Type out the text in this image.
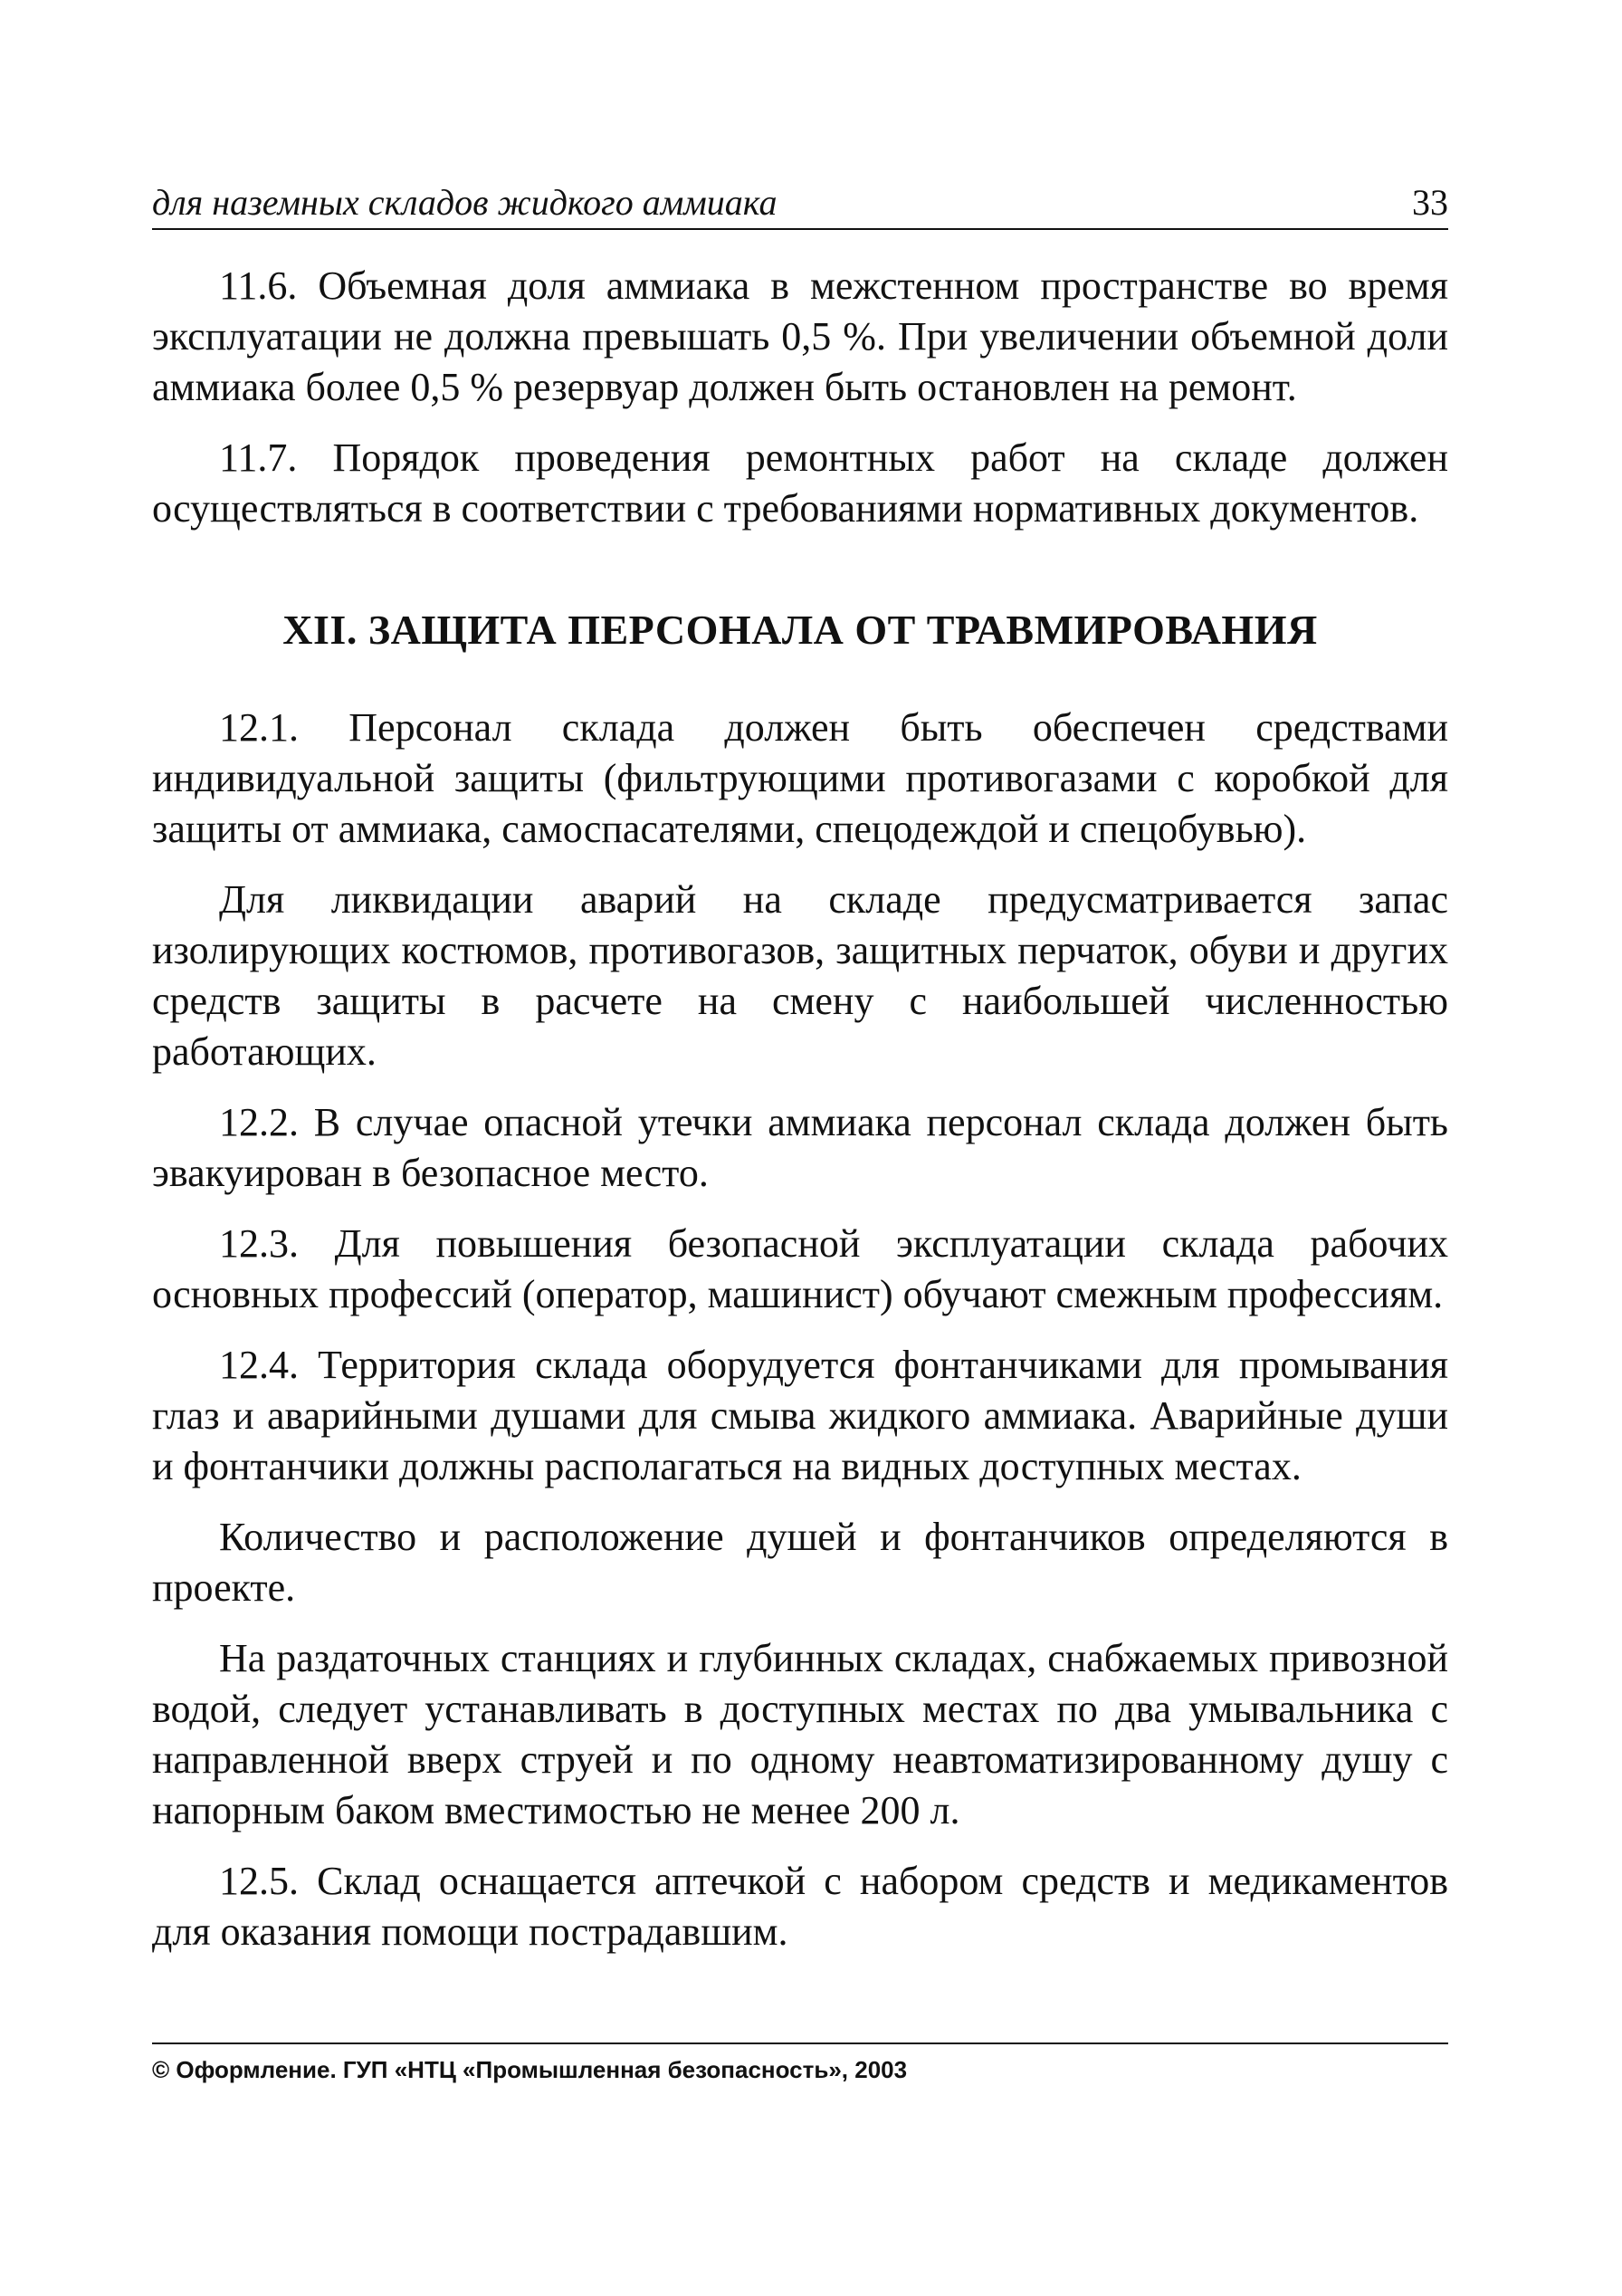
для наземных складов жидкого аммиака	33

11.6. Объемная доля аммиака в межстенном пространстве во время эксплуатации не должна превышать 0,5 %. При увеличении объемной доли аммиака более 0,5 % резервуар должен быть остановлен на ремонт.

11.7. Порядок проведения ремонтных работ на складе должен осуществляться в соответствии с требованиями нормативных документов.

XII. ЗАЩИТА ПЕРСОНАЛА ОТ ТРАВМИРОВАНИЯ

12.1. Персонал склада должен быть обеспечен средствами индивидуальной защиты (фильтрующими противогазами с коробкой для защиты от аммиака, самоспасателями, спецодеждой и спецобувью).

Для ликвидации аварий на складе предусматривается запас изолирующих костюмов, противогазов, защитных перчаток, обуви и других средств защиты в расчете на смену с наибольшей численностью работающих.

12.2. В случае опасной утечки аммиака персонал склада должен быть эвакуирован в безопасное место.

12.3. Для повышения безопасной эксплуатации склада рабочих основных профессий (оператор, машинист) обучают смежным профессиям.

12.4. Территория склада оборудуется фонтанчиками для промывания глаз и аварийными душами для смыва жидкого аммиака. Аварийные души и фонтанчики должны располагаться на видных доступных местах.

Количество и расположение душей и фонтанчиков определяются в проекте.

На раздаточных станциях и глубинных складах, снабжаемых привозной водой, следует устанавливать в доступных местах по два умывальника с направленной вверх струей и по одному неавтоматизированному душу с напорным баком вместимостью не менее 200 л.

12.5. Склад оснащается аптечкой с набором средств и медикаментов для оказания помощи пострадавшим.

© Оформление. ГУП «НТЦ «Промышленная безопасность», 2003
